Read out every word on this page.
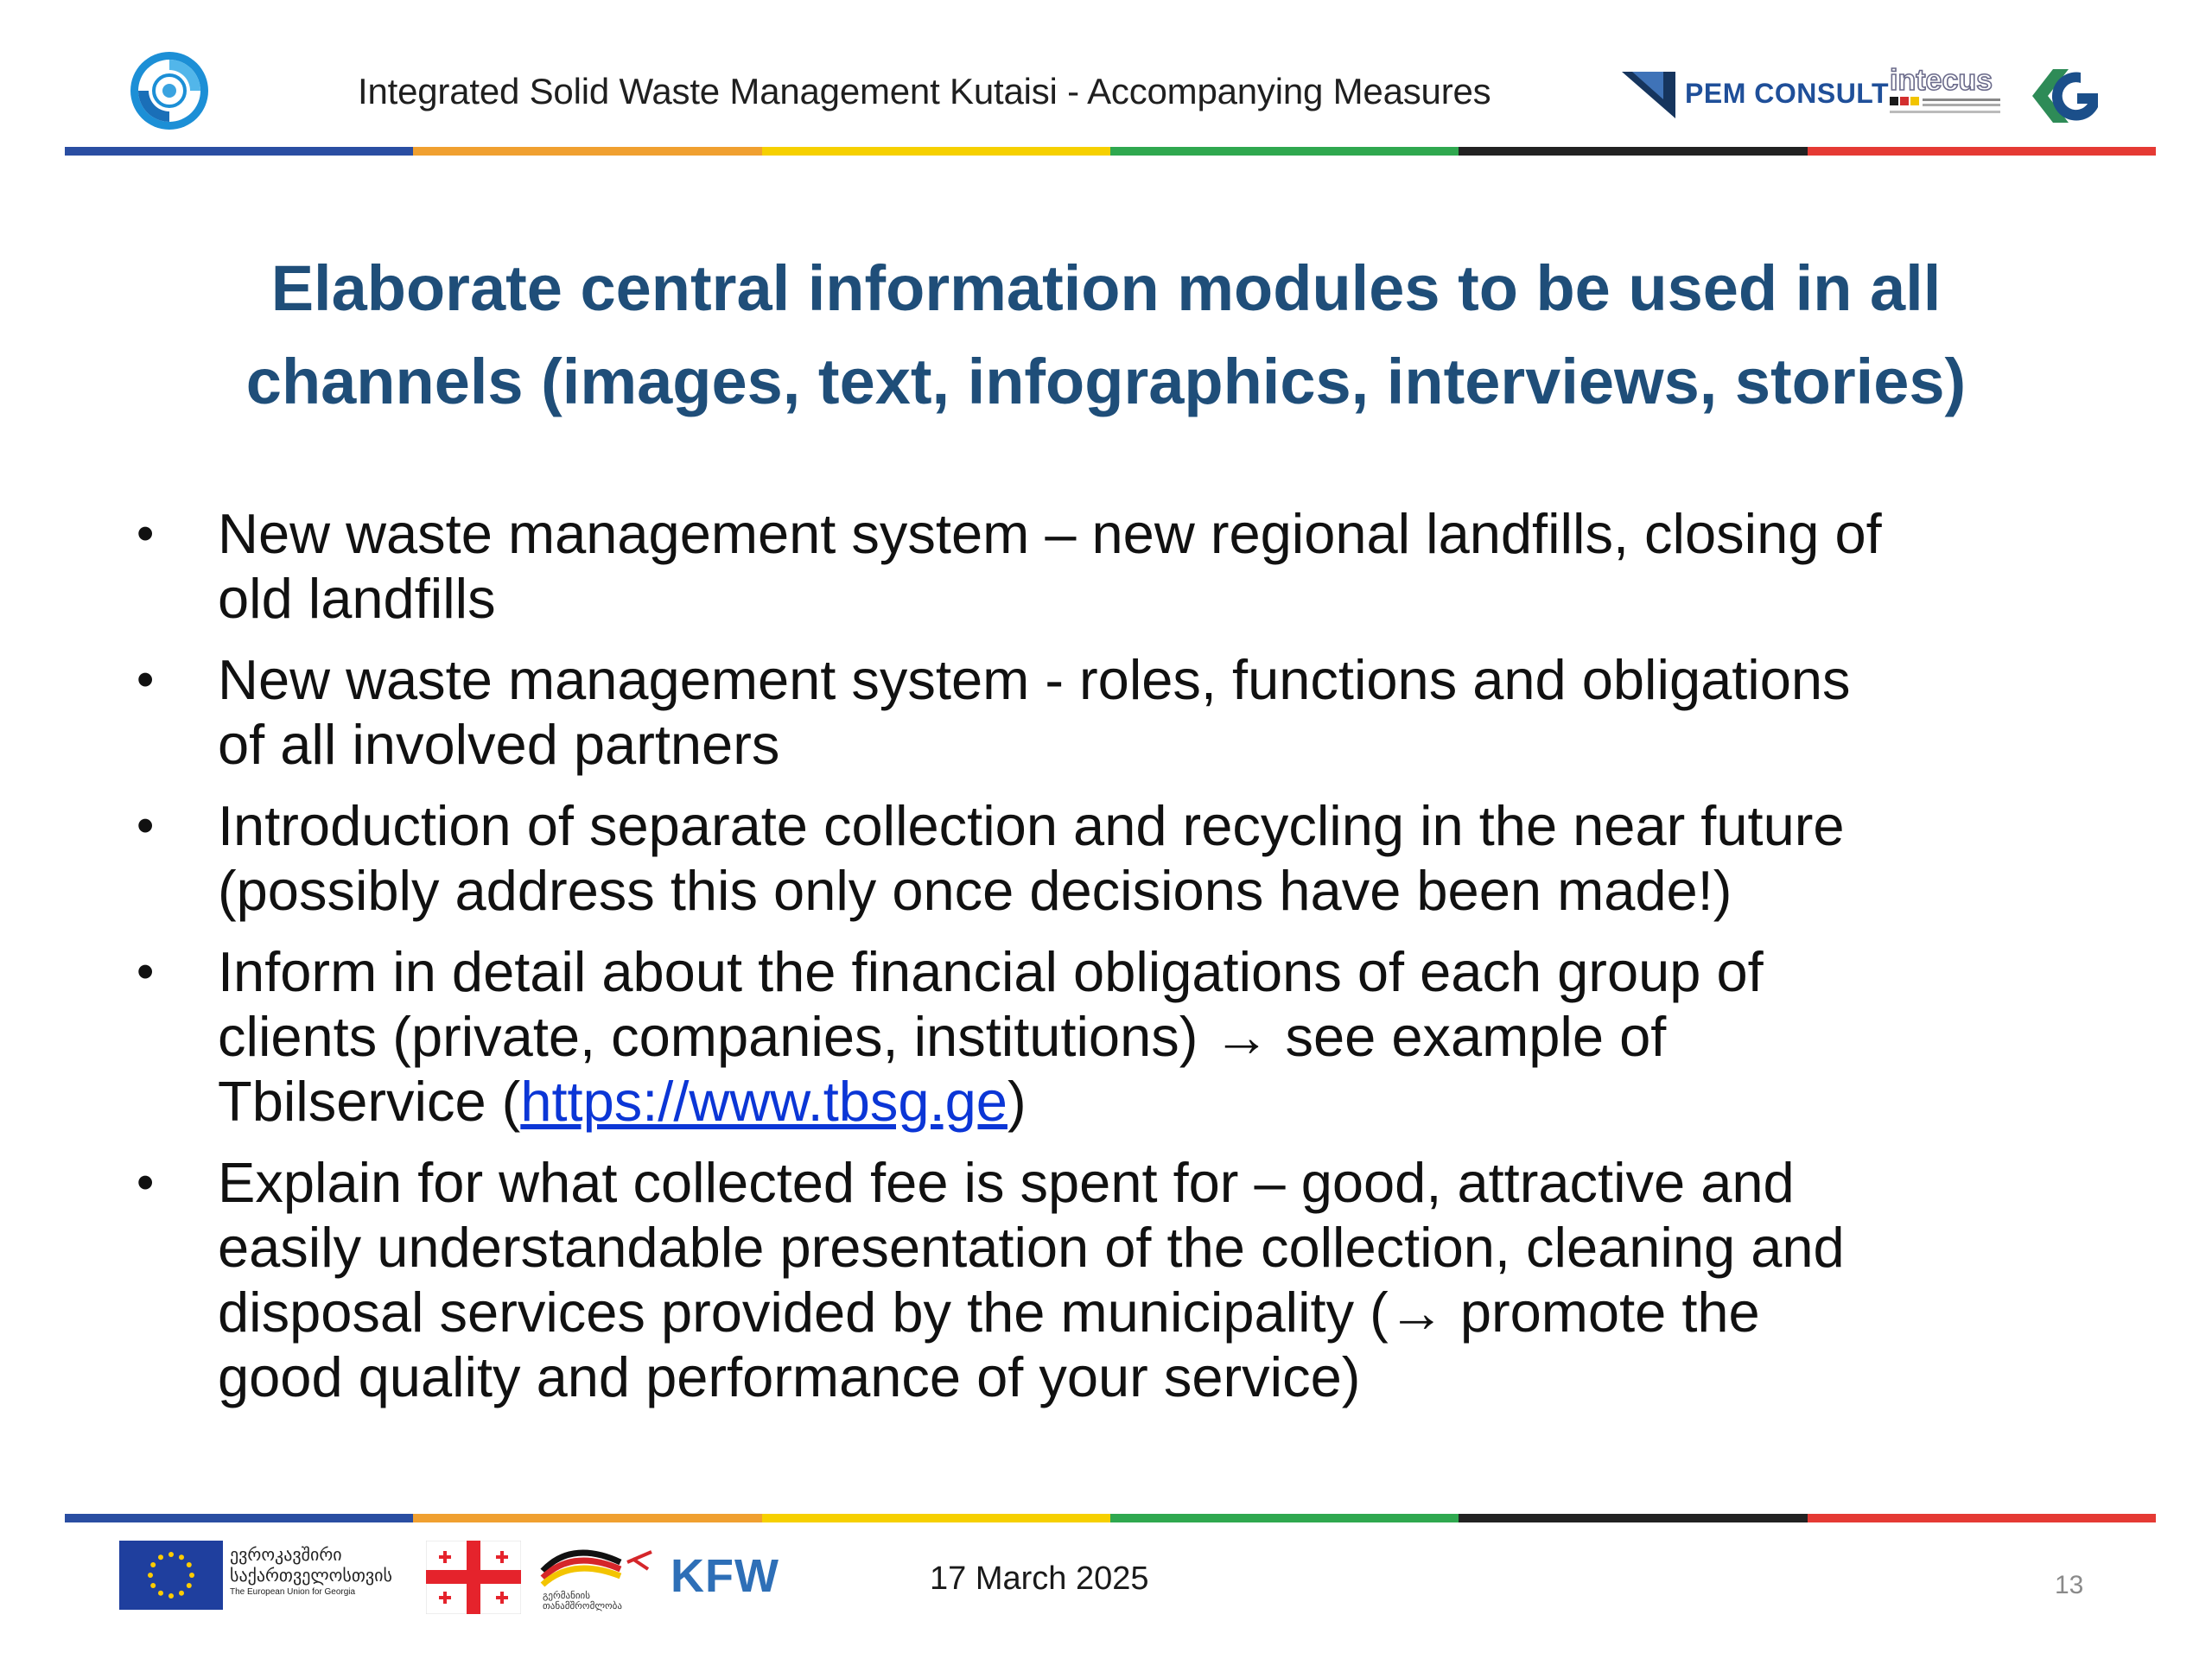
Integrated Solid Waste Management Kutaisi - Accompanying Measures	PEM CONSULT intecus
Elaborate central information modules to be used in all
channels (images, text, infographics, interviews, stories)
• New waste management system – new regional landfills, closing of
old landfills
• New waste management system - roles, functions and obligations
of all involved partners
• Introduction of separate collection and recycling in the near future
(possibly address this only once decisions have been made!)
• Inform in detail about the financial obligations of each group of
clients (private, companies, institutions) → see example of
Tbilservice (https://www.tbsg.ge)
• Explain for what collected fee is spent for – good, attractive and
easily understandable presentation of the collection, cleaning and
disposal services provided by the municipality (→ promote the
good quality and performance of your service)
ევროკავშირი
საქართველოსთვის
The European Union for Georgia	გერმანიის
თანამშრომლობა
KFW	17 March 2025	13
